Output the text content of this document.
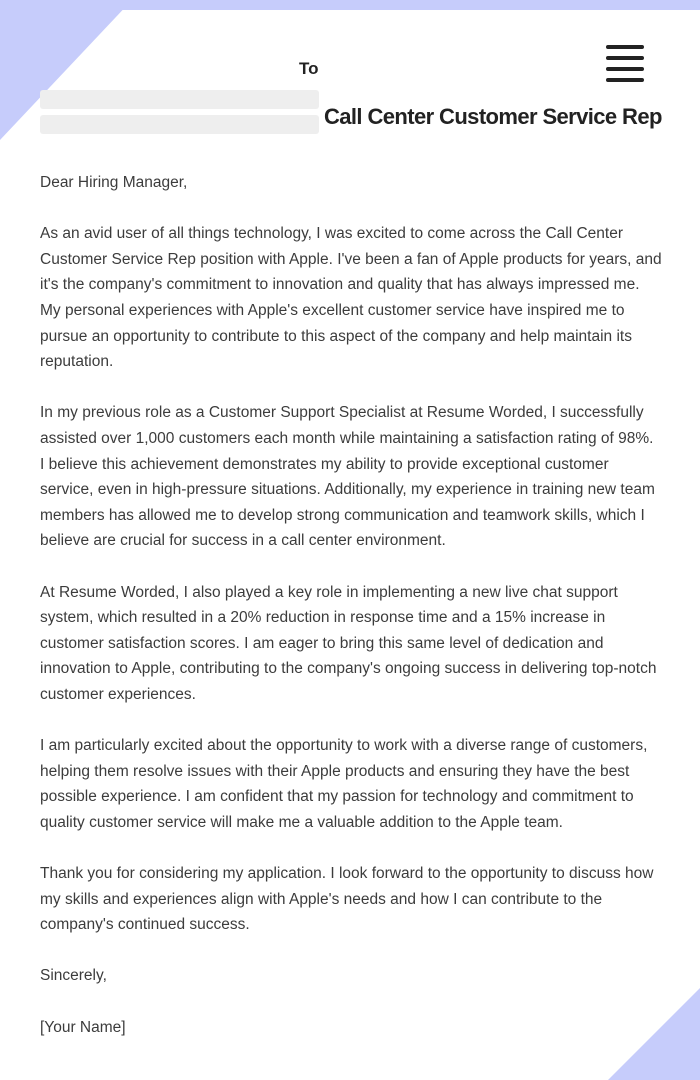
To

Call Center Customer Service Rep

Dear Hiring Manager,

As an avid user of all things technology, I was excited to come across the Call Center Customer Service Rep position with Apple. I've been a fan of Apple products for years, and it's the company's commitment to innovation and quality that has always impressed me. My personal experiences with Apple's excellent customer service have inspired me to pursue an opportunity to contribute to this aspect of the company and help maintain its reputation.

In my previous role as a Customer Support Specialist at Resume Worded, I successfully assisted over 1,000 customers each month while maintaining a satisfaction rating of 98%. I believe this achievement demonstrates my ability to provide exceptional customer service, even in high-pressure situations. Additionally, my experience in training new team members has allowed me to develop strong communication and teamwork skills, which I believe are crucial for success in a call center environment.

At Resume Worded, I also played a key role in implementing a new live chat support system, which resulted in a 20% reduction in response time and a 15% increase in customer satisfaction scores. I am eager to bring this same level of dedication and innovation to Apple, contributing to the company's ongoing success in delivering top-notch customer experiences.

I am particularly excited about the opportunity to work with a diverse range of customers, helping them resolve issues with their Apple products and ensuring they have the best possible experience. I am confident that my passion for technology and commitment to quality customer service will make me a valuable addition to the Apple team.

Thank you for considering my application. I look forward to the opportunity to discuss how my skills and experiences align with Apple's needs and how I can contribute to the company's continued success.

Sincerely,

[Your Name]
